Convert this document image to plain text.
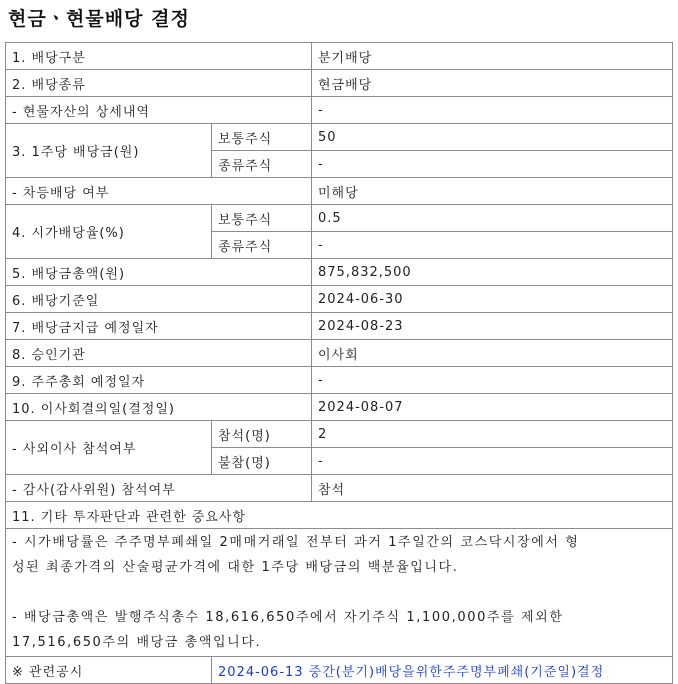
현금ㆍ현물배당 결정
1. 배당구분		분기배당
2. 배당종류		현금배당
- 현물자산의 상세내역		-
3. 1주당 배당금(원)	보통주식	50
	종류주식	-
- 차등배당 여부		미해당
4. 시가배당율(%)	보통주식	0.5
	종류주식	-
5. 배당금총액(원)		875,832,500
6. 배당기준일		2024-06-30
7. 배당금지급 예정일자		2024-08-23
8. 승인기관		이사회
9. 주주총회 예정일자		-
10. 이사회결의일(결정일)		2024-08-07
- 사외이사 참석여부	참석(명)	2
	불참(명)	-
- 감사(감사위원) 참석여부		참석
11. 기타 투자판단과 관련한 중요사항		

- 시가배당률은 주주명부폐쇄일 2매매거래일 전부터 과거 1주일간의 코스닥시장에서 형
성된 최종가격의 산술평균가격에 대한 1주당 배당금의 백분율입니다.
- 배당금총액은 발행주식총수 18,616,650주에서 자기주식 1,100,000주를 제외한
17,516,650주의 배당금 총액입니다.		

※ 관련공시	2024-06-13 중간(분기)배당을위한주주명부폐쇄(기준일)결정	
